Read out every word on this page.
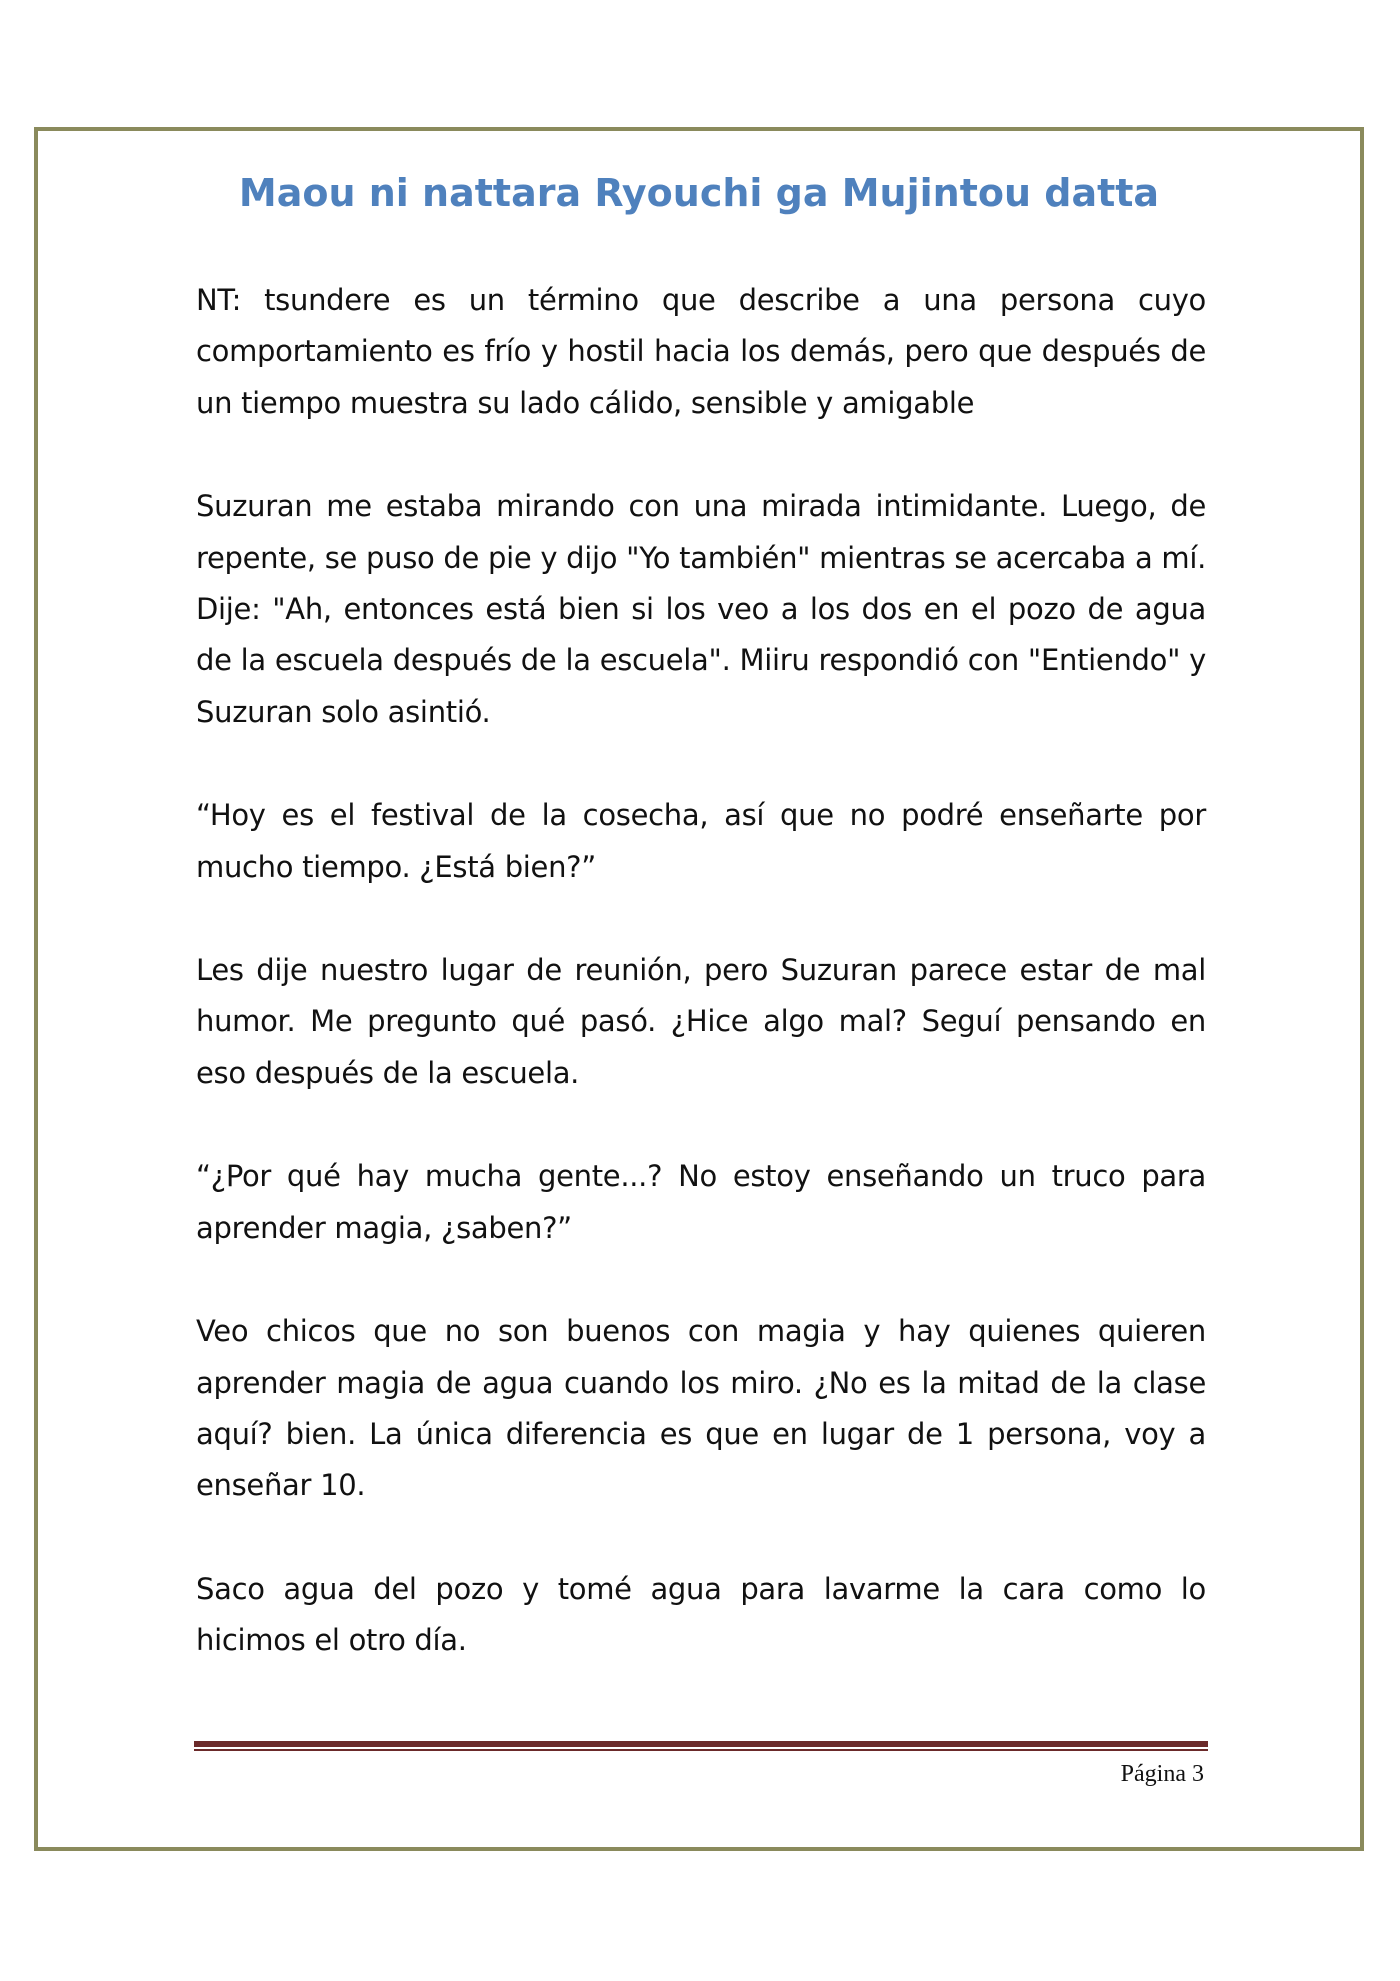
Maou ni nattara Ryouchi ga Mujintou datta

NT: tsundere es un término que describe a una persona cuyo comportamiento es frío y hostil hacia los demás, pero que después de un tiempo muestra su lado cálido, sensible y amigable

Suzuran me estaba mirando con una mirada intimidante. Luego, de repente, se puso de pie y dijo "Yo también" mientras se acercaba a mí. Dije: "Ah, entonces está bien si los veo a los dos en el pozo de agua de la escuela después de la escuela". Miiru respondió con "Entiendo" y Suzuran solo asintió.

“Hoy es el festival de la cosecha, así que no podré enseñarte por mucho tiempo. ¿Está bien?”

Les dije nuestro lugar de reunión, pero Suzuran parece estar de mal humor. Me pregunto qué pasó. ¿Hice algo mal? Seguí pensando en eso después de la escuela.

“¿Por qué hay mucha gente...? No estoy enseñando un truco para aprender magia, ¿saben?”

Veo chicos que no son buenos con magia y hay quienes quieren aprender magia de agua cuando los miro. ¿No es la mitad de la clase aquí? bien. La única diferencia es que en lugar de 1 persona, voy a enseñar 10.

Saco agua del pozo y tomé agua para lavarme la cara como lo hicimos el otro día.

Página 3
